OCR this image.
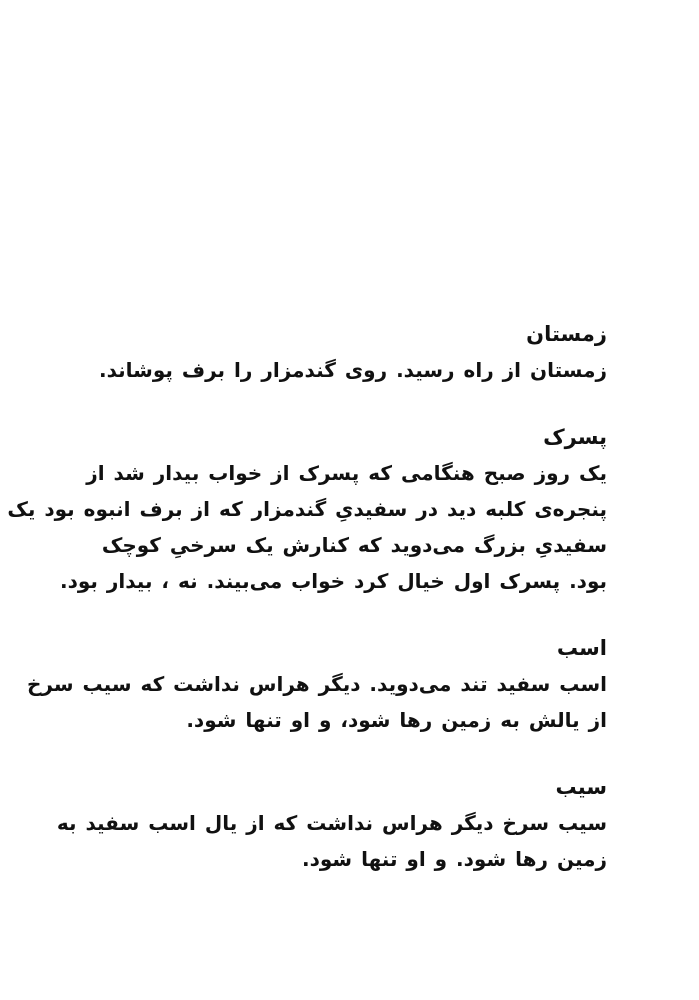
زمستان

زمستان از راه رسید. روی گندمزار را برف پوشاند.

پسرک

یک روز صبح هنگامی که پسرک از خواب بیدار شد از
پنجره‌ی کلبه دید در سفیدیِ گندمزار که از برف انبوه بود یک
سفیدیِ بزرگ می‌دوید که کنارش یک سرخیِ کوچک
بود. پسرک اول خیال کرد خواب می‌بیند. نه ، بیدار بود.

اسب

اسب سفید تند می‌دوید. دیگر هراس نداشت که سیب سرخ
از یالش به زمین رها شود، و او تنها شود.

سیب

سیب سرخ دیگر هراس نداشت که از یال اسب سفید به
زمین رها شود. و او تنها شود.
